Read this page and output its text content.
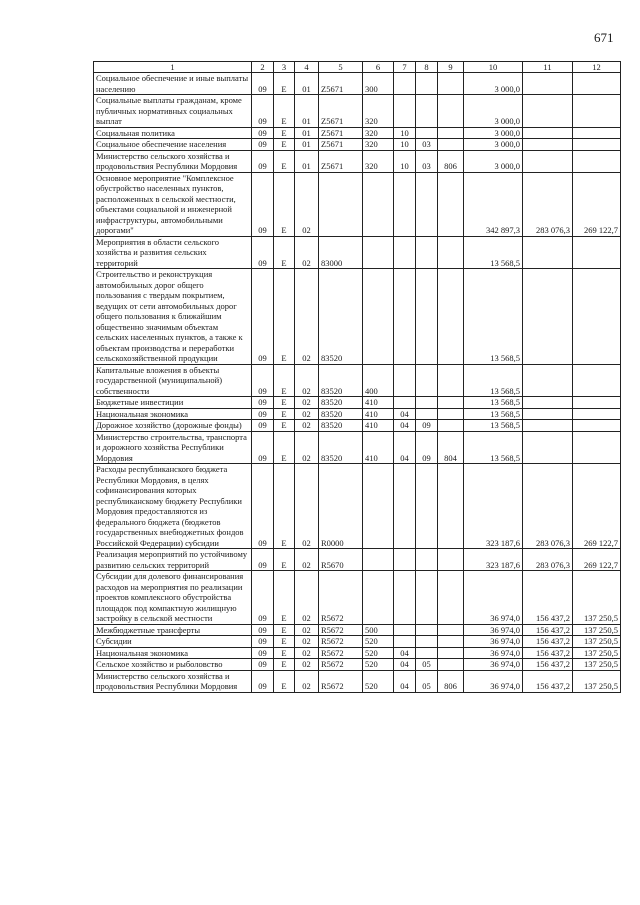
671
1	2	3	4	5	6	7	8	9	10	11	12
Социальное обеспечение и иные выплаты населению	09	Е	01	Z5671	300				3 000,0		
Социальные выплаты гражданам, кроме публичных нормативных социальных выплат	09	Е	01	Z5671	320				3 000,0		
Социальная политика	09	Е	01	Z5671	320	10			3 000,0		
Социальное обеспечение населения	09	Е	01	Z5671	320	10	03		3 000,0		
Министерство сельского хозяйства и продовольствия Республики Мордовия	09	Е	01	Z5671	320	10	03	806	3 000,0		
Основное мероприятие "Комплексное обустройство населенных пунктов, расположенных в сельской местности, объектами социальной и инженерной инфраструктуры, автомобильными дорогами"	09	Е	02						342 897,3	283 076,3	269 122,7
Мероприятия в области сельского хозяйства и развития сельских территорий	09	Е	02	83000					13 568,5		
Строительство и реконструкция автомобильных дорог общего пользования с твердым покрытием, ведущих от сети автомобильных дорог общего пользования к ближайшим общественно значимым объектам сельских населенных пунктов, а также к объектам производства и переработки сельскохозяйственной продукции	09	Е	02	83520					13 568,5		
Капитальные вложения в объекты государственной (муниципальной) собственности	09	Е	02	83520	400				13 568,5		
Бюджетные инвестиции	09	Е	02	83520	410				13 568,5		
Национальная экономика	09	Е	02	83520	410	04			13 568,5		
Дорожное хозяйство (дорожные фонды)	09	Е	02	83520	410	04	09		13 568,5		
Министерство строительства, транспорта и дорожного хозяйства Республики Мордовия	09	Е	02	83520	410	04	09	804	13 568,5		
Расходы республиканского бюджета Республики Мордовия, в целях софинансирования которых республиканскому бюджету Республики Мордовия предоставляются из федерального бюджета (бюджетов государственных внебюджетных фондов Российской Федерации) субсидии	09	Е	02	R0000					323 187,6	283 076,3	269 122,7
Реализация мероприятий по устойчивому развитию сельских территорий	09	Е	02	R5670					323 187,6	283 076,3	269 122,7
Субсидии для долевого финансирования расходов на мероприятия по реализации проектов комплексного обустройства площадок под компактную жилищную застройку в сельской местности	09	Е	02	R5672					36 974,0	156 437,2	137 250,5
Межбюджетные трансферты	09	Е	02	R5672	500				36 974,0	156 437,2	137 250,5
Субсидии	09	Е	02	R5672	520				36 974,0	156 437,2	137 250,5
Национальная экономика	09	Е	02	R5672	520	04			36 974,0	156 437,2	137 250,5
Сельское хозяйство и рыболовство	09	Е	02	R5672	520	04	05		36 974,0	156 437,2	137 250,5
Министерство сельского хозяйства и продовольствия Республики Мордовия	09	Е	02	R5672	520	04	05	806	36 974,0	156 437,2	137 250,5
